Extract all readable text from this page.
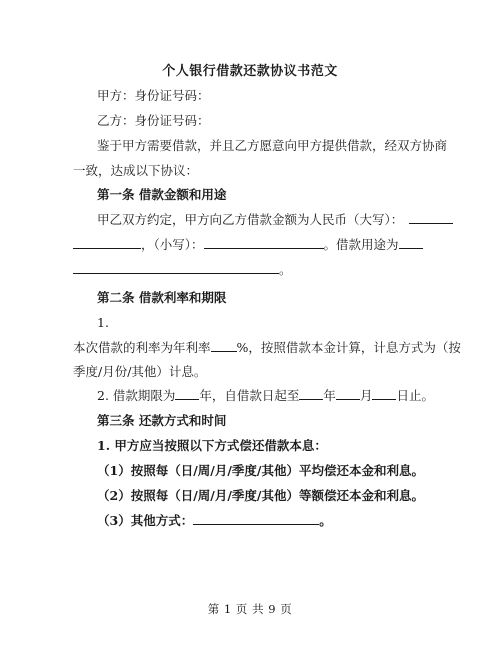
个人银行借款还款协议书范文
甲方：身份证号码：
乙方：身份证号码：
鉴于甲方需要借款，并且乙方愿意向甲方提供借款，经双方协商
一致，达成以下协议：
第一条 借款金额和用途
甲乙双方约定，甲方向乙方借款金额为人民币（大写）：
，（小写）：	。借款用途为
。
第二条 借款利率和期限
1.
本次借款的利率为年利率 %，按照借款本金计算，计息方式为（按
季度/月份/其他）计息。
2. 借款期限为 年，自借款日起至 年 月 日止。
第三条 还款方式和时间
1. 甲方应当按照以下方式偿还借款本息：
（1）按照每（日/周/月/季度/其他）平均偿还本金和利息。
（2）按照每（日/周/月/季度/其他）等额偿还本金和利息。
（3）其他方式：	。
第 1 页 共 9 页
